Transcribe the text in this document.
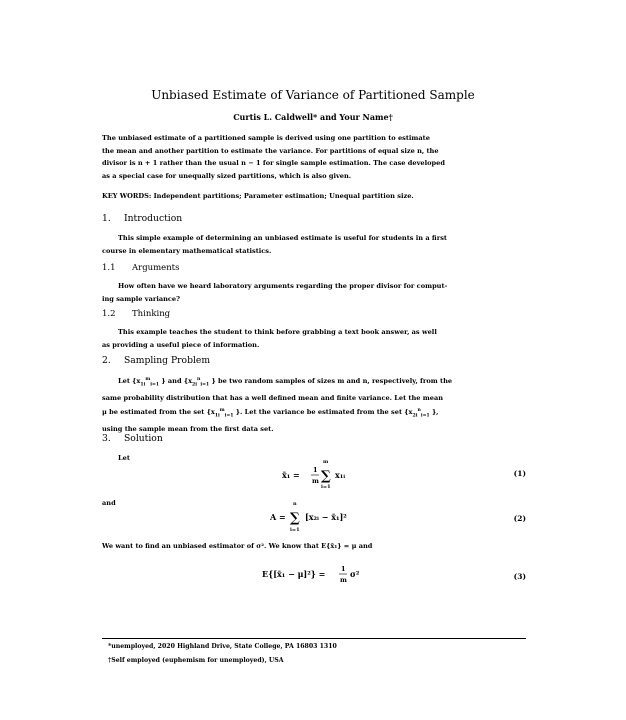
Unbiased Estimate of Variance of Partitioned Sample
Curtis L. Caldwell* and Your Name†
The unbiased estimate of a partitioned sample is derived using one partition to estimate
the mean and another partition to estimate the variance. For partitions of equal size n, the
divisor is n + 1 rather than the usual n − 1 for single sample estimation. The case developed
as a special case for unequally sized partitions, which is also given.
KEY WORDS: Independent partitions; Parameter estimation; Unequal partition size.
1. Introduction
This simple example of determining an unbiased estimate is useful for students in a first
course in elementary mathematical statistics.
1.1 Arguments
How often have we heard laboratory arguments regarding the proper divisor for comput-
ing sample variance?
1.2 Thinking
This example teaches the student to think before grabbing a text book answer, as well
as providing a useful piece of information.
2. Sampling Problem
Let {$x_{1i}^m_{i=1}$ } and {$x_{2i}^n_{i=1}$ } be two random samples of sizes m and n, respectively, from the
same probability distribution that has a well defined mean and finite variance. Let the mean
μ be estimated from the set {$x_{1i}^m_{i=1}$ }. Let the variance be estimated from the set {$x_{2i}^n_{i=1}$ },
using the sample mean from the first data set.
3. Solution
Let
x̄₁ = 1
m
m
∑
i=1
x₁ᵢ	(1)
and
A =
n
∑
i=1
[x₂ᵢ − x̄₁]²	(2)
We want to find an unbiased estimator of σ². We know that E{x̄₁} = μ and
E{[x̄₁ − μ]²} = 1
m
σ²	(3)
*unemployed, 2020 Highland Drive, State College, PA 16803 1310
†Self employed (euphemism for unemployed), USA
